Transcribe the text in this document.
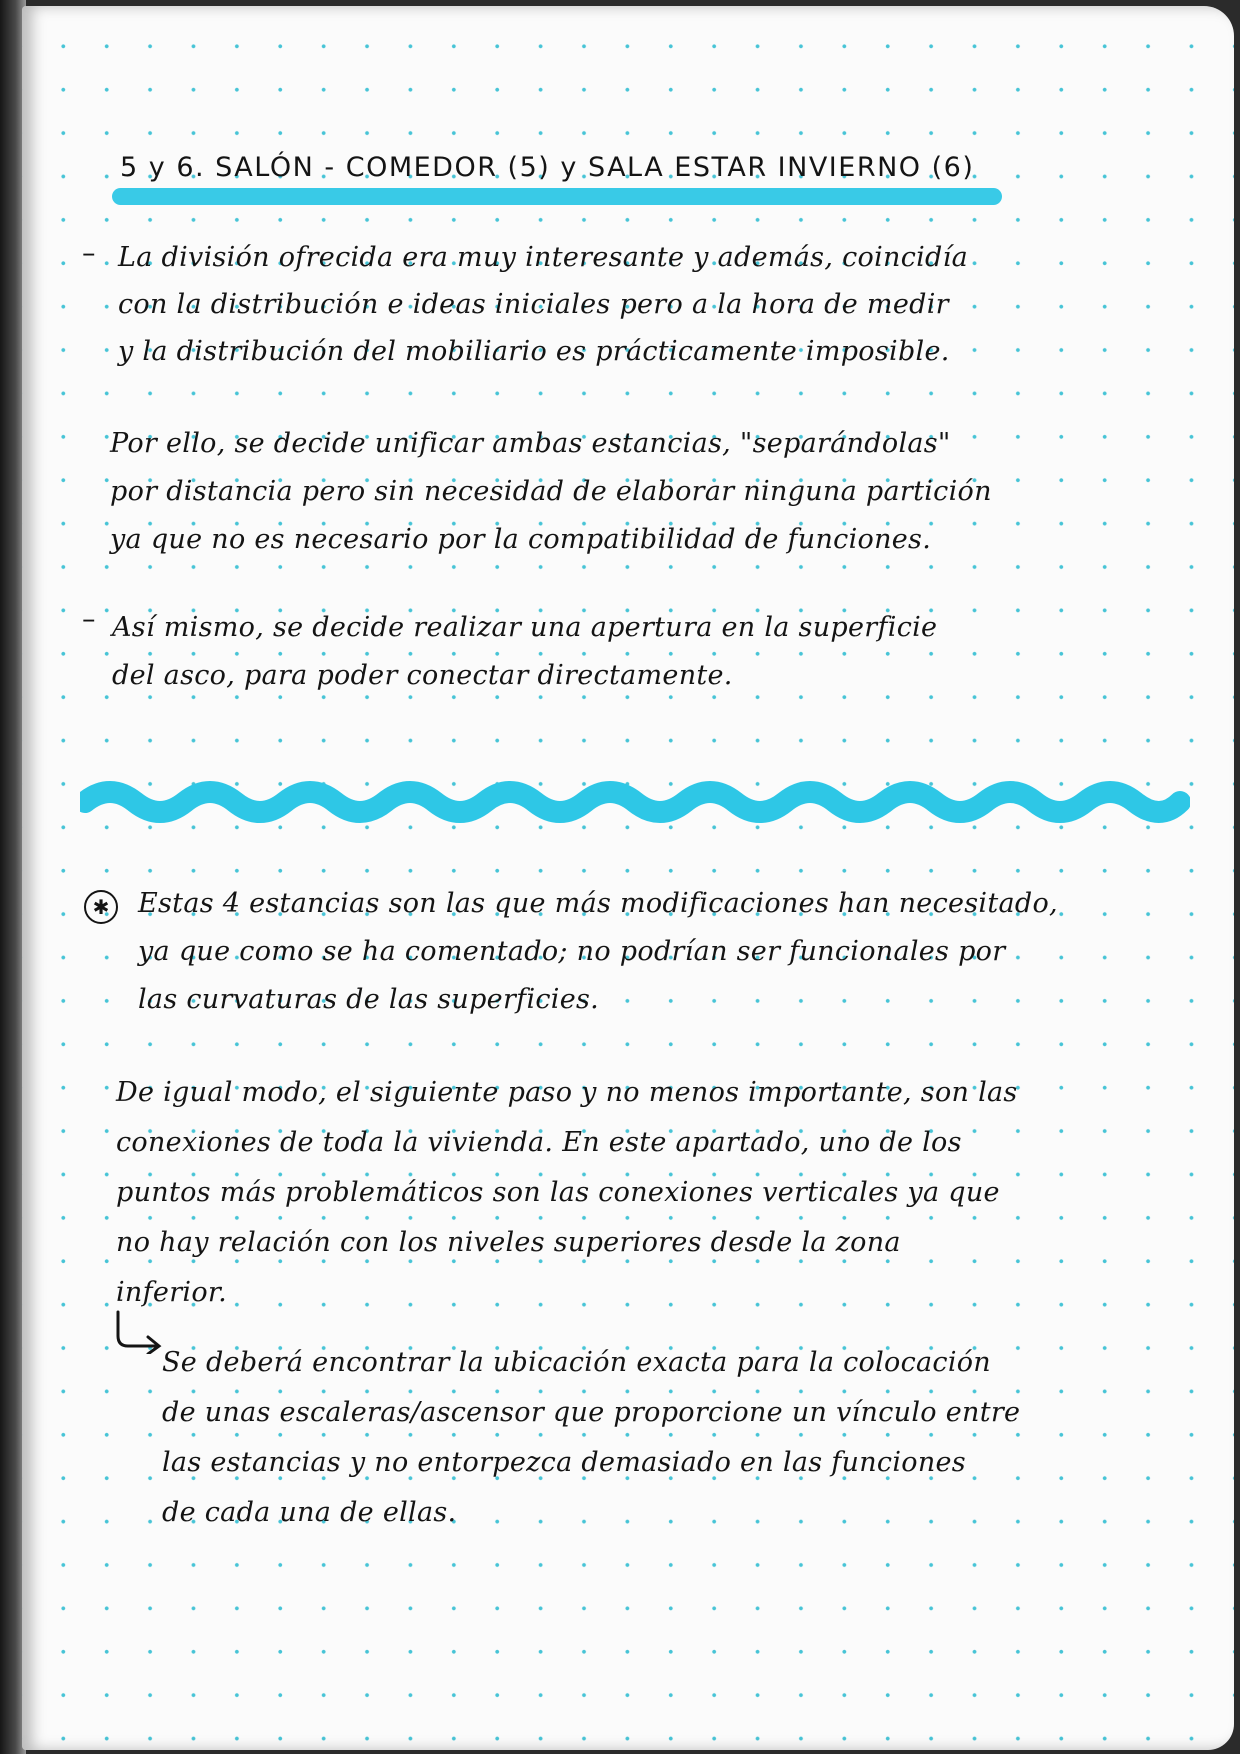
5 y 6. SALÓN - COMEDOR (5) y SALA ESTAR INVIERNO (6)
– La división ofrecida era muy interesante y además, coincidía
con la distribución e ideas iniciales pero a la hora de medir
y la distribución del mobiliario es prácticamente imposible.
Por ello, se decide unificar ambas estancias, "separándolas"
por distancia pero sin necesidad de elaborar ninguna partición
ya que no es necesario por la compatibilidad de funciones.
– Así mismo, se decide realizar una apertura en la superficie
del asco, para poder conectar directamente.
✱	Estas 4 estancias son las que más modificaciones han necesitado,
ya que como se ha comentado; no podrían ser funcionales por
las curvaturas de las superficies.
De igual modo, el siguiente paso y no menos importante, son las
conexiones de toda la vivienda. En este apartado, uno de los
puntos más problemáticos son las conexiones verticales ya que
no hay relación con los niveles superiores desde la zona
inferior.
Se deberá encontrar la ubicación exacta para la colocación
de unas escaleras/ascensor que proporcione un vínculo entre
las estancias y no entorpezca demasiado en las funciones
de cada una de ellas.
